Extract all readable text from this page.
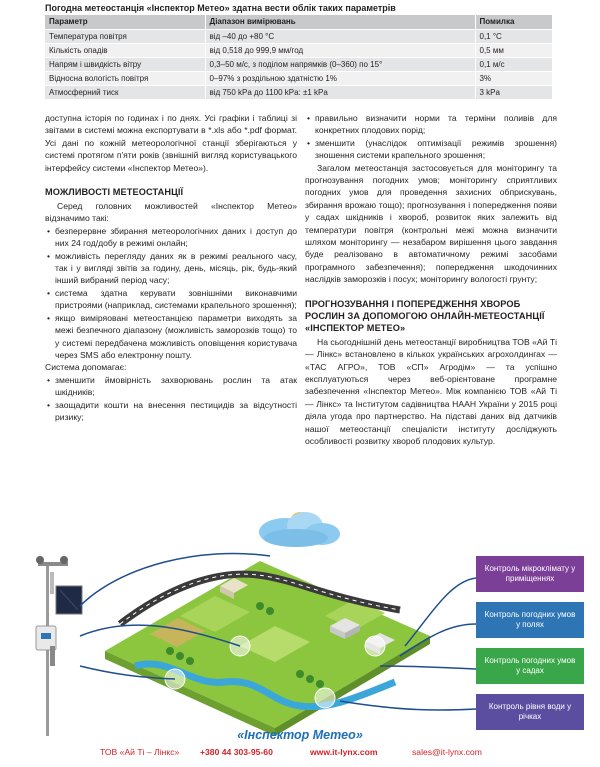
Погодна метеостанція «Інспектор Метео» здатна вести облік таких параметрів
Параметр	Діапазон вимірювань	Помилка
Температура повітря	від –40 до +80 °С	0,1 °С
Кількість опадів	від 0,518 до 999,9 мм/год	0,5 мм
Напрям і швидкість вітру	0,3–50 м/с, з поділом напрямків (0–360) по 15°	0,1 м/с
Відносна вологість повітря	0–97% з роздільною здатністю 1%	3%
Атмосферний тиск	від 750 kPa до 1100 kPa: ±1 kPa	3 kPa

доступна історія по годинах і по днях. Усі графіки і таблиці зі звітами в системі можна експортувати в *.xls або *.pdf формат. Усі дані по кожній метеорологічної станції зберігаються у системі протягом п'яти років (звнішній вигляд користувацького інтерфейсу системи «Інспектор Метео»).

МОЖЛИВОСТІ МЕТЕОСТАНЦІЇ

Серед головних можливостей «Інспектор Метео» відзначимо такі:

• безперервне збирання метеорологічних даних і доступ до них 24 год/добу в режимі онлайн;

• можливість перегляду даних як в режимі реального часу, так і у вигляді звітів за годину, день, місяць, рік, будь-який інший вибраний період часу;

• система здатна керувати зовнішніми виконавчими пристроями (наприклад, системами крапельного зрошення);

• якщо виміряовані метеостанцією параметри виходять за межі безпечного діапазону (можливість заморозків тощо) то у системі передбачена можливість оповіщення користувача через SMS або електронну пошту.

Система допомагає:

• зменшити ймовірність захворювань рослин та атак шкідників;

• заощадити кошти на внесення пестицидів за відсутності ризику;

• правильно визначити норми та терміни поливів для конкретних плодових порід;

• зменшити (унаслідок оптимізації режимів зрошення) зношення системи крапельного зрошення;

Загалом метеостанція застосовується для моніторингу та прогнозування погодних умов; моніторингу сприятливих погодних умов для проведення захисних обприскувань, збирання врожаю тощо); прогнозування і попередження появи у садах шкідників і хвороб, розвиток яких залежить від температури повітря (контрольні межі можна визначити шляхом моніторингу — незабаром вирішення цього завдання буде реалізовано в автоматичному режимі засобами програмного забезпечення); попередження шкодочинних наслідків заморозків і посух; моніторингу вологості грунту;

ПРОГНОЗУВАННЯ І ПОПЕРЕДЖЕННЯ ХВОРОБ РОСЛИН ЗА ДОПОМОГОЮ ОНЛАЙН-МЕТЕОСТАНЦІЇ «ІНСПЕКТОР МЕТЕО»

На сьогоднішній день метеостанції виробництва ТОВ «Ай Ті — Лінкс» встановлено в кількох українських агрохолдингах — «ТАС АГРО», ТОВ «СП» Агродім» — та успішно експлуатуються через веб-орієнтоване програмне забезпечення «Інспектор Метео». Між компанією ТОВ «Ай Ті — Лінкс» та Інститутом садівництва НААН України у 2015 році діяла угода про партнерство. На підставі даних від датчиків нашої метеостанції спеціалісти інституту досліджують особливості розвитку хвороб плодових культур.

Контроль мікроклімату у приміщеннях
Контроль погодних умов у полях
Контроль погодних умов у садах
Контроль рівня води у річках
«Інспектор Метео»
ТОВ «Ай Ті – Лінкс» +380 44 303-95-60	www.it-lynx.com	sales@it-lynx.com
